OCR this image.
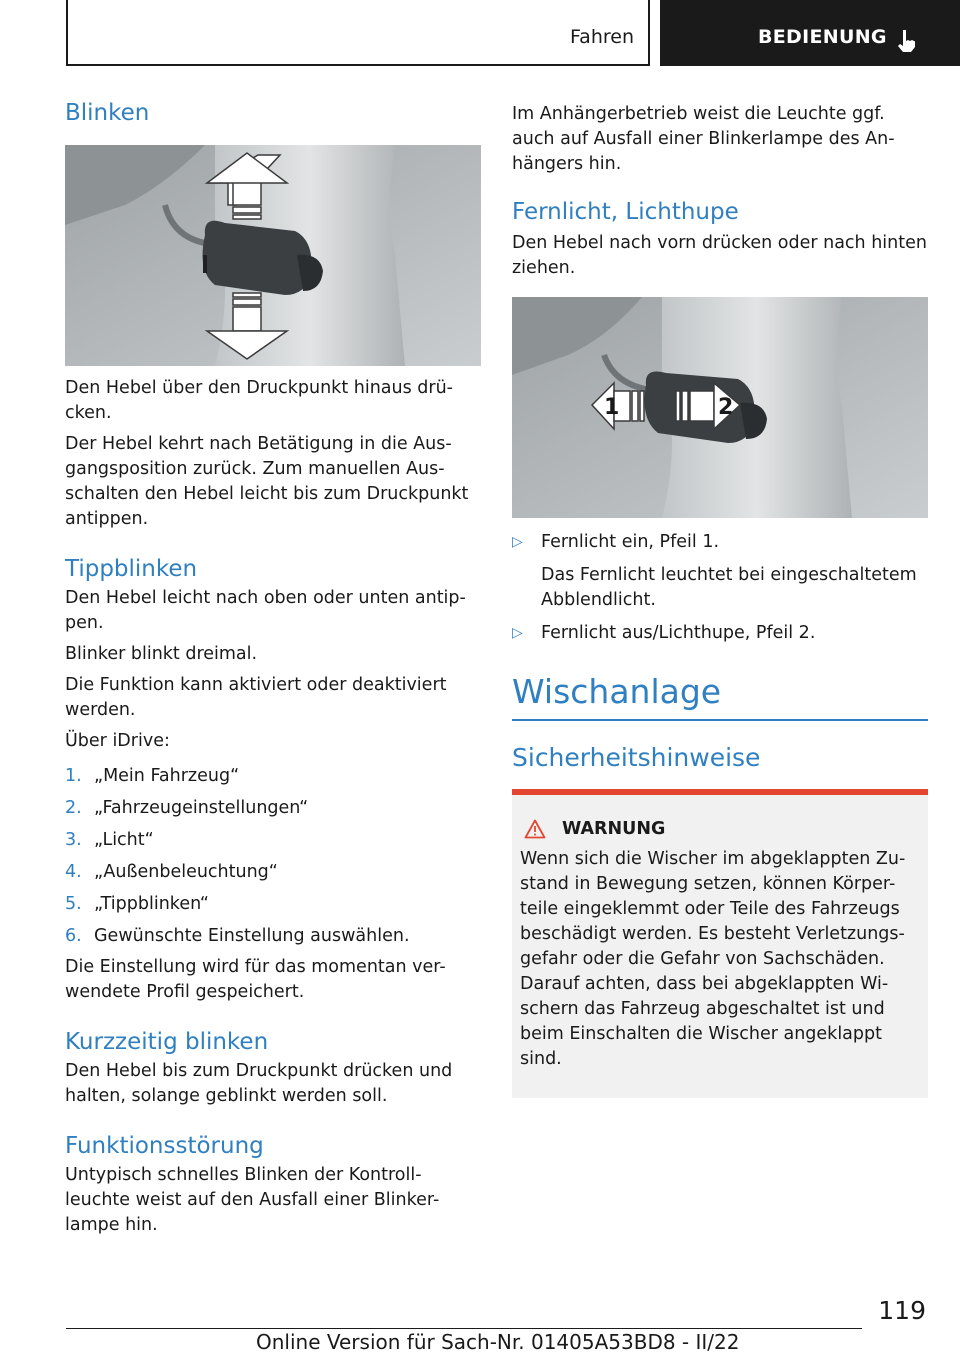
Fahren	BEDIENUNG
Blinken

Den Hebel über den Druckpunkt hinaus drü-cken.

Der Hebel kehrt nach Betätigung in die Aus-gangsposition zurück. Zum manuellen Aus-schalten den Hebel leicht bis zum Druckpunkt antippen.

Tippblinken

Den Hebel leicht nach oben oder unten antip-pen.

Blinker blinkt dreimal.

Die Funktion kann aktiviert oder deaktiviert werden.

Über iDrive:

1. „Mein Fahrzeug“
2. „Fahrzeugeinstellungen“
3. „Licht“
4. „Außenbeleuchtung“
5. „Tippblinken“
6. Gewünschte Einstellung auswählen.

Die Einstellung wird für das momentan ver-wendete Profil gespeichert.

Kurzzeitig blinken

Den Hebel bis zum Druckpunkt drücken und halten, solange geblinkt werden soll.

Funktionsstörung

Untypisch schnelles Blinken der Kontroll-leuchte weist auf den Ausfall einer Blinker-lampe hin.

Im Anhängerbetrieb weist die Leuchte ggf. auch auf Ausfall einer Blinkerlampe des An-hängers hin.

Fernlicht, Lichthupe

Den Hebel nach vorn drücken oder nach hinten ziehen.

1	2
▷ Fernlicht ein, Pfeil 1.
Das Fernlicht leuchtet bei eingeschaltetem Abblendlicht.
▷ Fernlicht aus/Lichthupe, Pfeil 2.
Wischanlage
Sicherheitshinweise
WARNUNG

Wenn sich die Wischer im abgeklappten Zu-stand in Bewegung setzen, können Körper-teile eingeklemmt oder Teile des Fahrzeugs beschädigt werden. Es besteht Verletzungs-gefahr oder die Gefahr von Sachschäden. Darauf achten, dass bei abgeklappten Wi-schern das Fahrzeug abgeschaltet ist und beim Einschalten die Wischer angeklappt sind.

119
Online Version für Sach-Nr. 01405A53BD8 - II/22
